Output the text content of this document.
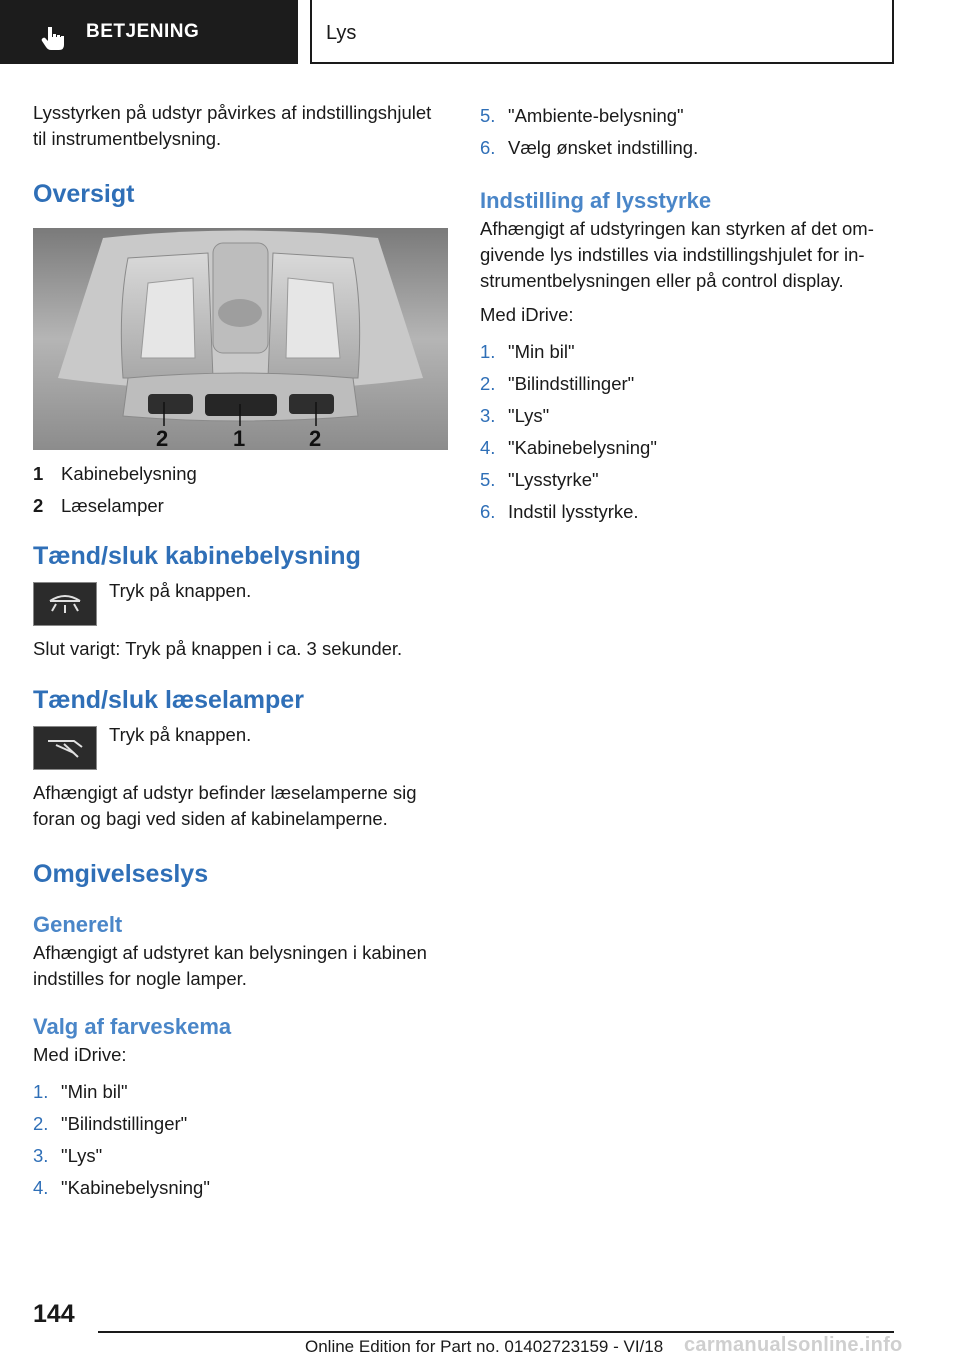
BETJENING	Lys

Lysstyrken på udstyr påvirkes af indstillingshjulet til instrumentbelysning.

Oversigt
2	1	2
1 Kabinebelysning
2 Læselamper
Tænd/sluk kabinebelysning
Tryk på knappen.

Slut varigt: Tryk på knappen i ca. 3 sekunder.

Tænd/sluk læselamper
Tryk på knappen.

Afhængigt af udstyr befinder læselamperne sig foran og bagi ved siden af kabinelamperne.

Omgivelseslys
Generelt

Afhængigt af udstyret kan belysningen i kabinen indstilles for nogle lamper.

Valg af farveskema

Med iDrive:

1. "Min bil"
2. "Bilindstillinger"
3. "Lys"
4. "Kabinebelysning"
5. "Ambiente-belysning"
6. Vælg ønsket indstilling.
Indstilling af lysstyrke

Afhængigt af udstyringen kan styrken af det omgivende lys indstilles via indstillingshjulet for instrumentbelysningen eller på control display.

Med iDrive:

1. "Min bil"
2. "Bilindstillinger"
3. "Lys"
4. "Kabinebelysning"
5. "Lysstyrke"
6. Indstil lysstyrke.
144
Online Edition for Part no. 01402723159 - VI/18 carmanualsonline.info
